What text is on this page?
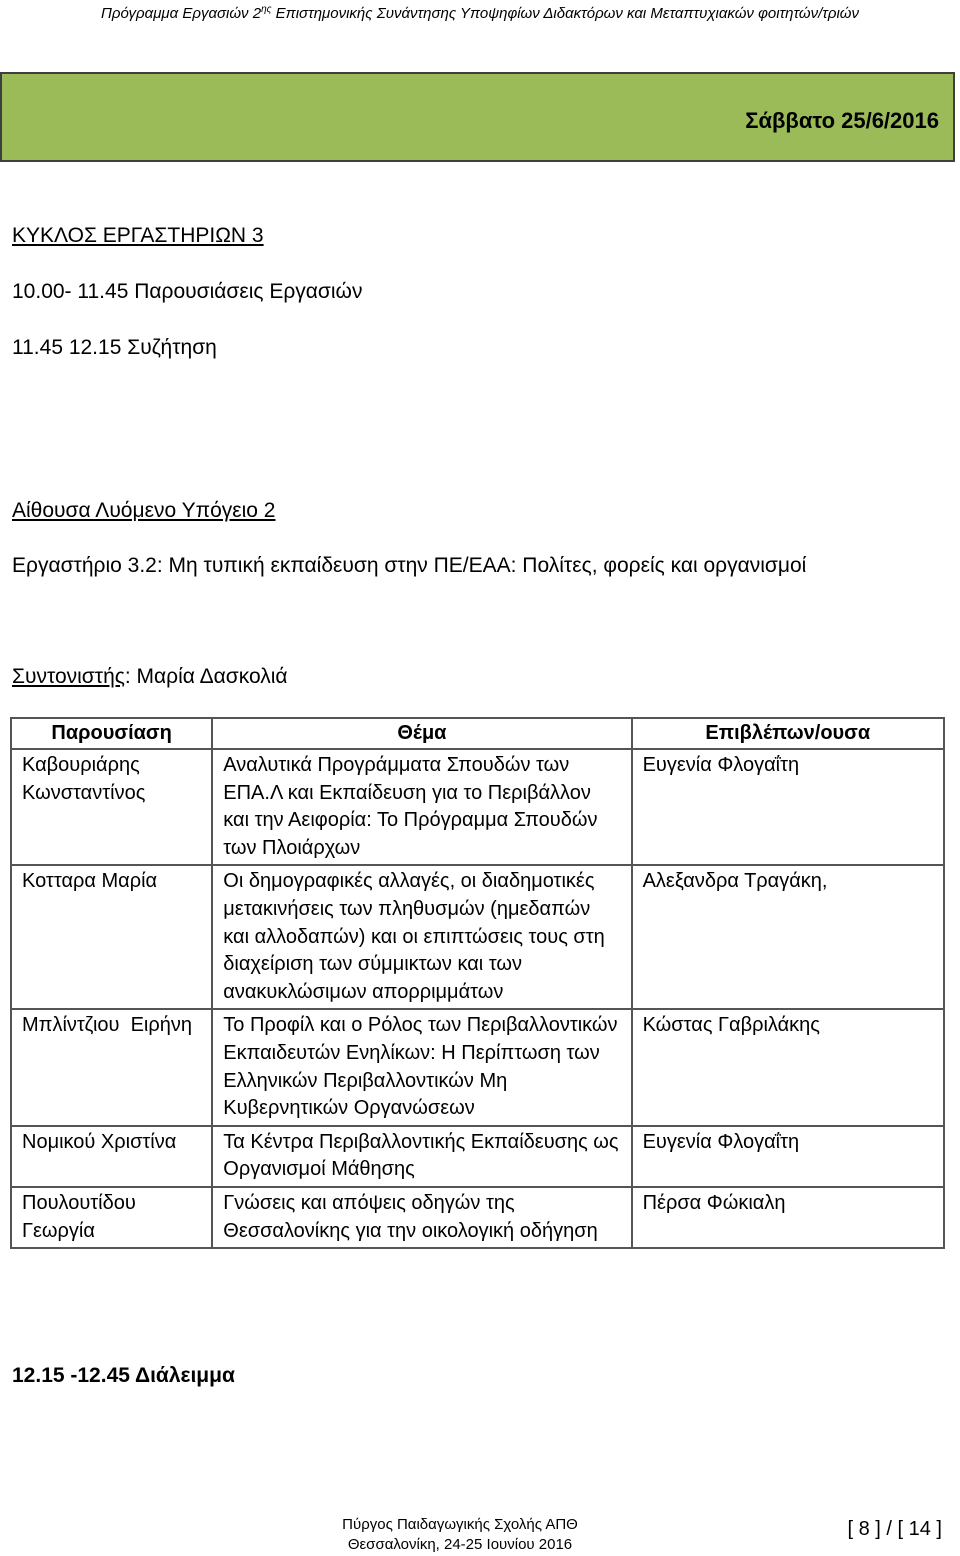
Πρόγραμμα Εργασιών $2^{\eta\varsigma}$ Επιστημονικής Συνάντησης Υποψηφίων Διδακτόρων και Μεταπτυχιακών φοιτητών/τριών
Σάββατο 25/6/2016
ΚΥΚΛΟΣ ΕΡΓΑΣΤΗΡΙΩΝ 3
10.00- 11.45 Παρουσιάσεις Εργασιών
11.45 12.15 Συζήτηση
Αίθουσα Λυόμενο Υπόγειο 2
Εργαστήριο 3.2: Μη τυπική εκπαίδευση στην ΠΕ/ΕΑΑ: Πολίτες, φορείς και οργανισμοί
Συντονιστής: Μαρία Δασκολιά
Παρουσίαση	Θέμα	Επιβλέπων/ουσα
Καβουριάρης Κωνσταντίνος	Αναλυτικά Προγράμματα Σπουδών των ΕΠΑ.Λ και Εκπαίδευση για το Περιβάλλον και την Αειφορία: Το Πρόγραμμα Σπουδών των Πλοιάρχων	Ευγενία Φλογαΐτη
Κοτταρα Μαρία	Οι δημογραφικές αλλαγές, οι διαδημοτικές μετακινήσεις των πληθυσμών (ημεδαπών και αλλοδαπών) και οι επιπτώσεις τους στη διαχείριση των σύμμικτων και των ανακυκλώσιμων απορριμμάτων	Αλεξανδρα Τραγάκη,
Μπλίντζιου  Ειρήνη	Το Προφίλ και ο Ρόλος των Περιβαλλοντικών Εκπαιδευτών Ενηλίκων: Η Περίπτωση των Ελληνικών Περιβαλλοντικών Μη Κυβερνητικών Οργανώσεων	Κώστας Γαβριλάκης
Νομικού Χριστίνα	Τα Κέντρα Περιβαλλοντικής Εκπαίδευσης ως Οργανισμοί Μάθησης	Ευγενία Φλογαΐτη
Πουλουτίδου Γεωργία	Γνώσεις και απόψεις οδηγών της Θεσσαλονίκης για την οικολογική οδήγηση	Πέρσα Φώκιαλη
12.15 -12.45 Διάλειμμα
Πύργος Παιδαγωγικής Σχολής ΑΠΘ
Θεσσαλονίκη, 24-25 Ιουνίου 2016
[ 8 ] / [ 14 ]
